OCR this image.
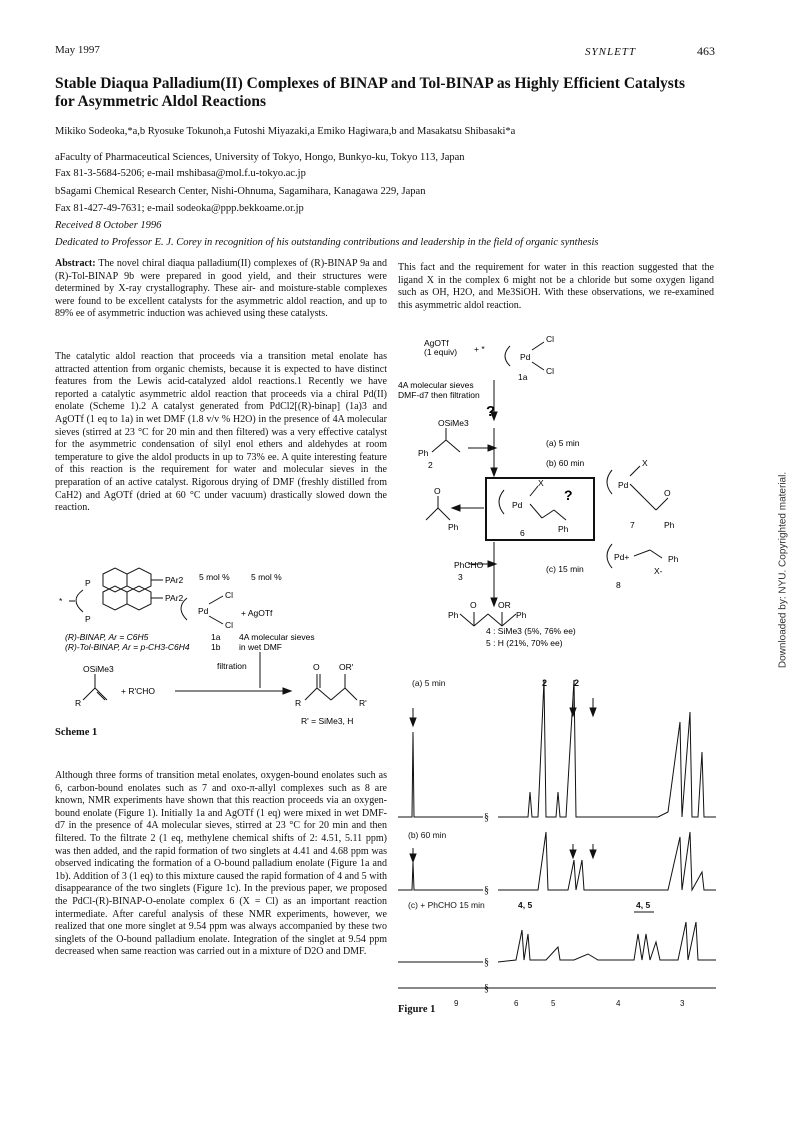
May 1997	SYNLETT	463
Stable Diaqua Palladium(II) Complexes of BINAP and Tol-BINAP as Highly Efficient Catalysts for Asymmetric Aldol Reactions
Mikiko Sodeoka,*a,b Ryosuke Tokunoh,a Futoshi Miyazaki,a Emiko Hagiwara,b and Masakatsu Shibasaki*a
aFaculty of Pharmaceutical Sciences, University of Tokyo, Hongo, Bunkyo-ku, Tokyo 113, Japan
Fax 81-3-5684-5206; e-mail mshibasa@mol.f.u-tokyo.ac.jp
bSagami Chemical Research Center, Nishi-Ohnuma, Sagamihara, Kanagawa 229, Japan
Fax 81-427-49-7631; e-mail sodeoka@ppp.bekkoame.or.jp
Received 8 October 1996
Dedicated to Professor E. J. Corey in recognition of his outstanding contributions and leadership in the field of organic synthesis

Abstract: The novel chiral diaqua palladium(II) complexes of (R)-BINAP 9a and (R)-Tol-BINAP 9b were prepared in good yield, and their structures were determined by X-ray crystallography. These air- and moisture-stable complexes were found to be excellent catalysts for the asymmetric aldol reaction, and up to 89% ee of asymmetric induction was achieved using these catalysts.

The catalytic aldol reaction that proceeds via a transition metal enolate has attracted attention from organic chemists, because it is expected to have distinct features from the Lewis acid-catalyzed aldol reactions.1 Recently we have reported a catalytic asymmetric aldol reaction that proceeds via a chiral Pd(II) enolate (Scheme 1).2 A catalyst generated from PdCl2[(R)-binap] (1a)3 and AgOTf (1 eq to 1a) in wet DMF (1.8 v/v % H2O) in the presence of 4A molecular sieves (stirred at 23 °C for 20 min and then filtered) was a very effective catalyst for the asymmetric condensation of silyl enol ethers and aldehydes at room temperature to give the aldol products in up to 73% ee. A quite interesting feature of this reaction is the requirement for water and molecular sieves in the preparation of an active catalyst. Rigorous drying of DMF (freshly distilled from CaH2) and AgOTf (dried at 60 °C under vacuum) drastically slowed down the reaction.
P
P
*
PAr2
PAr2
5 mol %	5 mol %
Pd
Cl
Cl
+ AgOTf
1a
1b
4A molecular sieves
in wet DMF
(R)-BINAP, Ar = C6H5
(R)-Tol-BINAP, Ar = p-CH3-C6H4
filtration
OSiMe3
R
+ R'CHO
O OR'
R	R'
R' = SiMe3, H
Scheme 1
Although three forms of transition metal enolates, oxygen-bound enolates such as 6, carbon-bound enolates such as 7 and oxo-π-allyl complexes such as 8 are known, NMR experiments have shown that this reaction proceeds via an oxygen-bound enolate (Figure 1). Initially 1a and AgOTf (1 eq) were mixed in wet DMF-d7 in the presence of 4A molecular sieves, stirred at 23 °C for 20 min and then filtered. To the filtrate 2 (1 eq, methylene chemical shifts of 2: 4.51, 5.11 ppm) was then added, and the rapid formation of two singlets at 4.41 and 4.68 ppm was observed indicating the formation of a O-bound palladium enolate (Figure 1a and 1b). Addition of 3 (1 eq) to this mixture caused the rapid formation of 4 and 5 with disappearance of the two singlets (Figure 1c). In the previous paper, we proposed the PdCl-(R)-BINAP-O-enolate complex 6 (X = Cl) as an important reaction intermediate. After careful analysis of these NMR experiments, however, we realized that one more singlet at 9.54 ppm was always accompanied by these two singlets of the O-bound palladium enolate. Integration of the singlet at 9.54 ppm decreased when same reaction was carried out in a mixture of D2O and DMF.
This fact and the requirement for water in this reaction suggested that the ligand X in the complex 6 might not be a chloride but some oxygen ligand such as OH, H2O, and Me3SiOH. With these observations, we re-examined this asymmetric aldol reaction.
AgOTf
(1 equiv) + *
Pd
Cl
Cl
1a
4A molecular sieves
DMF-d7 then filtration
?
OSiMe3
Ph
2
(a) 5 min
(b) 60 min
Pd
X
?
6	Ph
O
Ph
Pd
X
O
7	Ph
PhCHO
3
(c) 15 min
Pd+	Ph
X-
8
O	OR
Ph	Ph
4 : SiMe3 (5%, 76% ee)
5 : H (21%, 70% ee)
(a) 5 min	2	2
(b) 60 min
(c) + PhCHO 15 min	4, 5	4, 5
§
§
§
§
Figure 1
9	6	5	4	3
Downloaded by: NYU. Copyrighted material.
